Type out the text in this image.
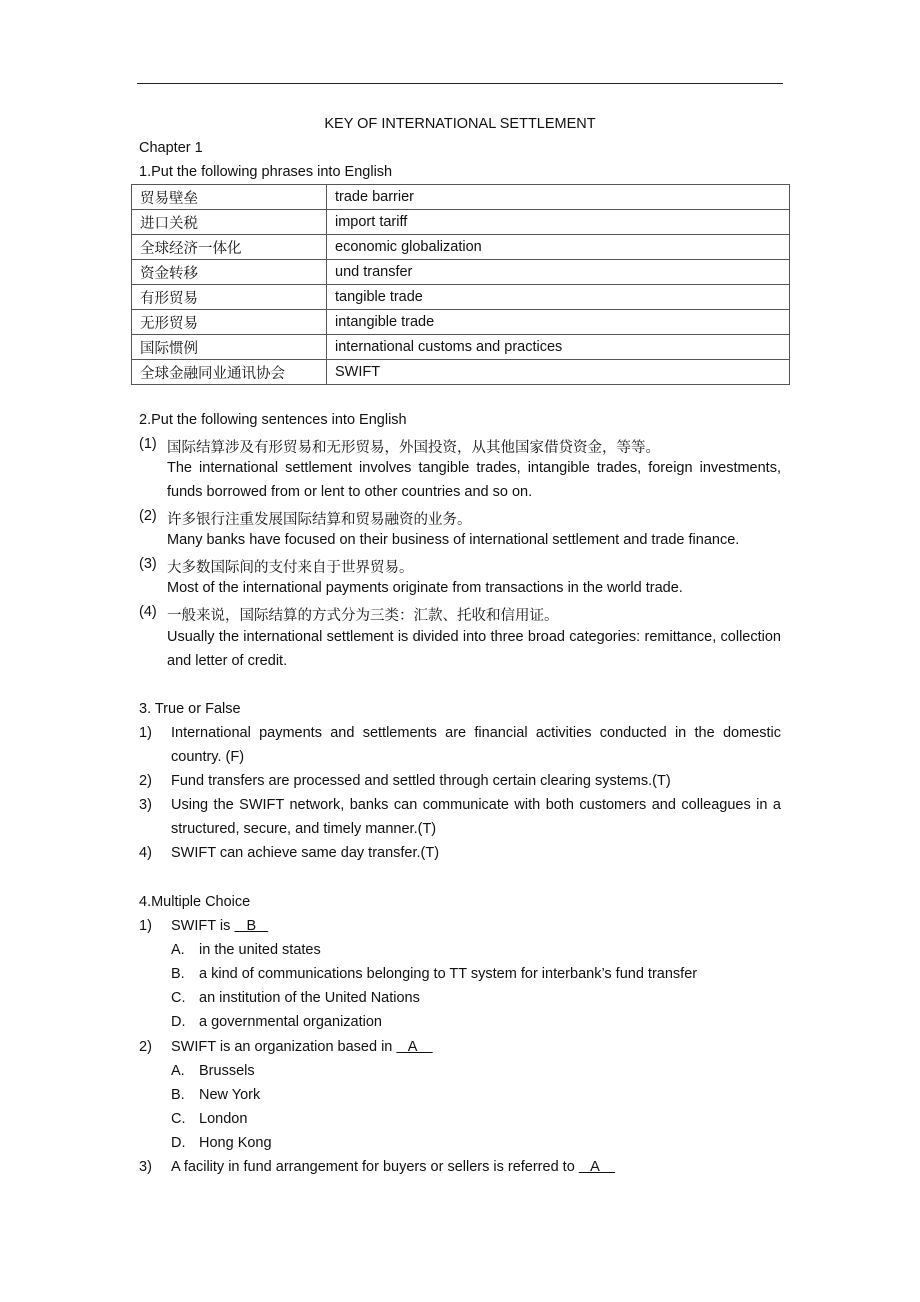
KEY OF INTERNATIONAL SETTLEMENT
Chapter 1
1.Put the following phrases into English
贸易壁垒	trade barrier
进口关税	import tariff
全球经济一体化	economic globalization
资金转移	und transfer
有形贸易	tangible trade
无形贸易	intangible trade
国际惯例	international customs and practices
全球金融同业通讯协会	SWIFT
2.Put the following sentences into English
(1) 国际结算涉及有形贸易和无形贸易，外国投资，从其他国家借贷资金，等等。
The international settlement involves tangible trades, intangible trades, foreign investments, funds borrowed from or lent to other countries and so on.
(2) 许多银行注重发展国际结算和贸易融资的业务。
Many banks have focused on their business of international settlement and trade finance.
(3) 大多数国际间的支付来自于世界贸易。
Most of the international payments originate from transactions in the world trade.
(4) 一般来说，国际结算的方式分为三类：汇款、托收和信用证。
Usually the international settlement is divided into three broad categories: remittance, collection and letter of credit.
3. True or False
1) International payments and settlements are financial activities conducted in the domestic country. (F)
2) Fund transfers are processed and settled through certain clearing systems.(T)
3) Using the SWIFT network, banks can communicate with both customers and colleagues in a structured, secure, and timely manner.(T)
4) SWIFT can achieve same day transfer.(T)
4.Multiple Choice
1) SWIFT is    B
A. in the united states
B. a kind of communications belonging to TT system for interbank’s fund transfer
C. an institution of the United Nations
D. a governmental organization
2) SWIFT is an organization based in    A
A. Brussels
B. New York
C. London
D. Hong Kong
3) A facility in fund arrangement for buyers or sellers is referred to    A
